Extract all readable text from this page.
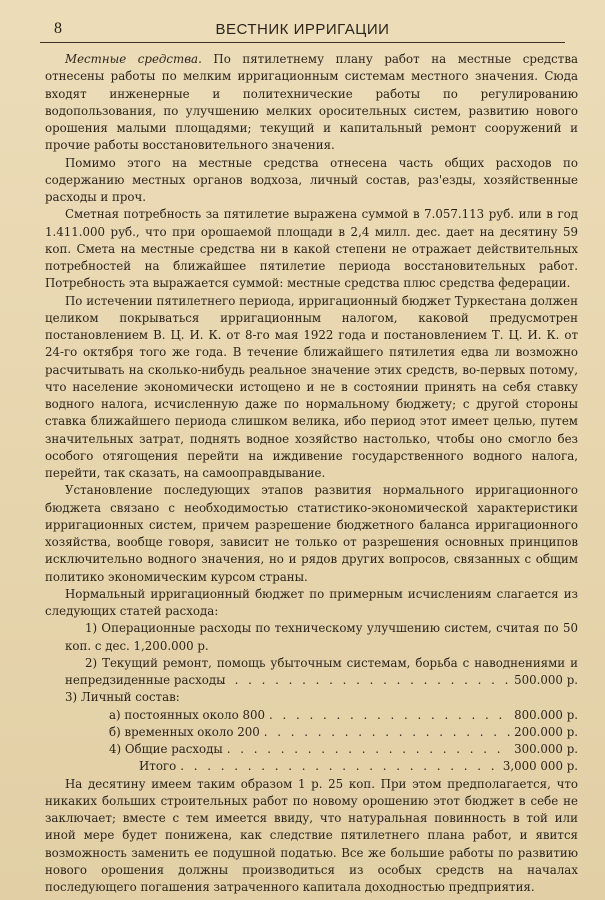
8	ВЕСТНИК ИРРИГАЦИИ

Местные средства. По пятилетнему плану работ на местные средства отнесены работы по мелким ирригационным системам местного значения. Сюда входят инженерные и политехнические работы по регулированию водопользования, по улучшению мелких оросительных систем, развитию нового орошения малыми площадями; текущий и капитальный ремонт сооружений и прочие работы восстановительного значения.

Помимо этого на местные средства отнесена часть общих расходов по содержанию местных органов водхоза, личный состав, раз'езды, хозяйственные расходы и проч.

Сметная потребность за пятилетие выражена суммой в 7.057.113 руб. или в год 1.411.000 руб., что при орошаемой площади в 2,4 милл. дес. дает на десятину 59 коп. Смета на местные средства ни в какой степени не отражает действительных потребностей на ближайшее пятилетие периода восстановительных работ. Потребность эта выражается суммой: местные средства плюс средства федерации.

По истечении пятилетнего периода, ирригационный бюджет Туркестана должен целиком покрываться ирригационным налогом, каковой предусмотрен постановлением В. Ц. И. К. от 8-го мая 1922 года и постановлением Т. Ц. И. К. от 24-го октября того же года. В течение ближайшего пятилетия едва ли возможно расчитывать на сколько-нибудь реальное значение этих средств, во-первых потому, что население экономически истощено и не в состоянии принять на себя ставку водного налога, исчисленную даже по нормальному бюджету; с другой стороны ставка ближайшего периода слишком велика, ибо период этот имеет целью, путем значительных затрат, поднять водное хозяйство настолько, чтобы оно смогло без особого отягощения перейти на иждивение государственного водного налога, перейти, так сказать, на самооправдывание.

Установление последующих этапов развития нормального ирригационного бюджета связано с необходимостью статистико-экономической характеристики ирригационных систем, причем разрешение бюджетного баланса ирригационного хозяйства, вообще говоря, зависит не только от разрешения основных принципов исключительно водного значения, но и рядов других вопросов, связанных с общим политико экономическим курсом страны.

Нормальный ирригационный бюджет по примерным исчислениям слагается из следующих статей расхода:

1) Операционные расходы по техническому улучшению систем, считая по 50 коп. с дес. 1,200.000 р.

2) Текущий ремонт, помощь убыточным системам, борьба с наводнениями и непредзиденные расходы . . .	500.000 р.
3) Личный состав:
а) постоянных около 800 . . .	800.000 р.
б) временных около 200 . . .	200.000 р.
4) Общие расходы . . .	300.000 р.
Итого . . .	3,000 000 р.

На десятину имеем таким образом 1 р. 25 коп. При этом предполагается, что никаких больших строительных работ по новому орошению этот бюджет в себе не заключает; вместе с тем имеется ввиду, что натуральная повинность в той или иной мере будет понижена, как следствие пятилетнего плана работ, и явится возможность заменить ее подушной податью. Все же большие работы по развитию нового орошения должны производиться из особых средств на началах последующего погашения затраченного капитала доходностью предприятия.
